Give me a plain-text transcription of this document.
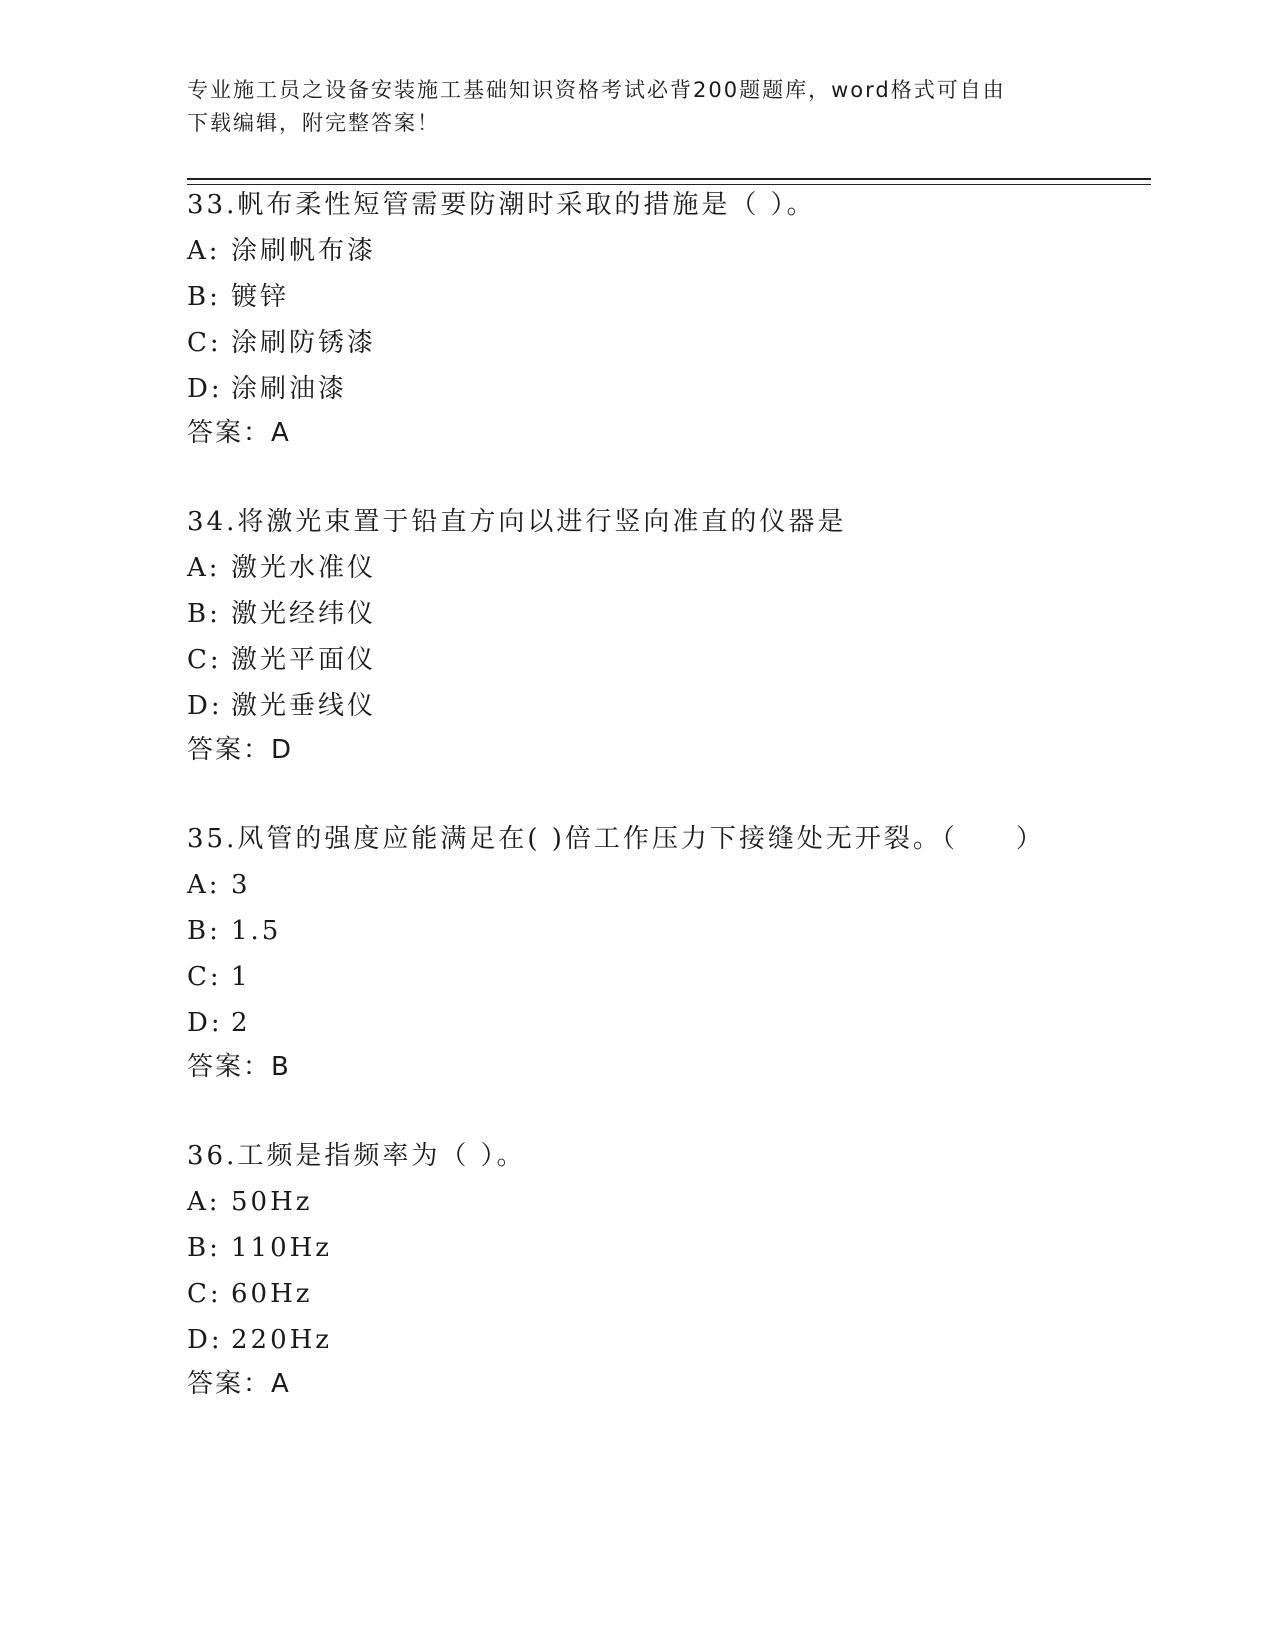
专业施工员之设备安装施工基础知识资格考试必背200题题库，word格式可自由
下载编辑，附完整答案！
33.帆布柔性短管需要防潮时采取的措施是（ ）。
A: 涂刷帆布漆
B: 镀锌
C: 涂刷防锈漆
D: 涂刷油漆
答案：A
34.将激光束置于铅直方向以进行竖向准直的仪器是
A: 激光水准仪
B: 激光经纬仪
C: 激光平面仪
D: 激光垂线仪
答案：D
35.风管的强度应能满足在( )倍工作压力下接缝处无开裂。（　　）
A: 3
B: 1.5
C: 1
D: 2
答案：B
36.工频是指频率为（ ）。
A: 50Hz
B: 110Hz
C: 60Hz
D: 220Hz
答案：A
